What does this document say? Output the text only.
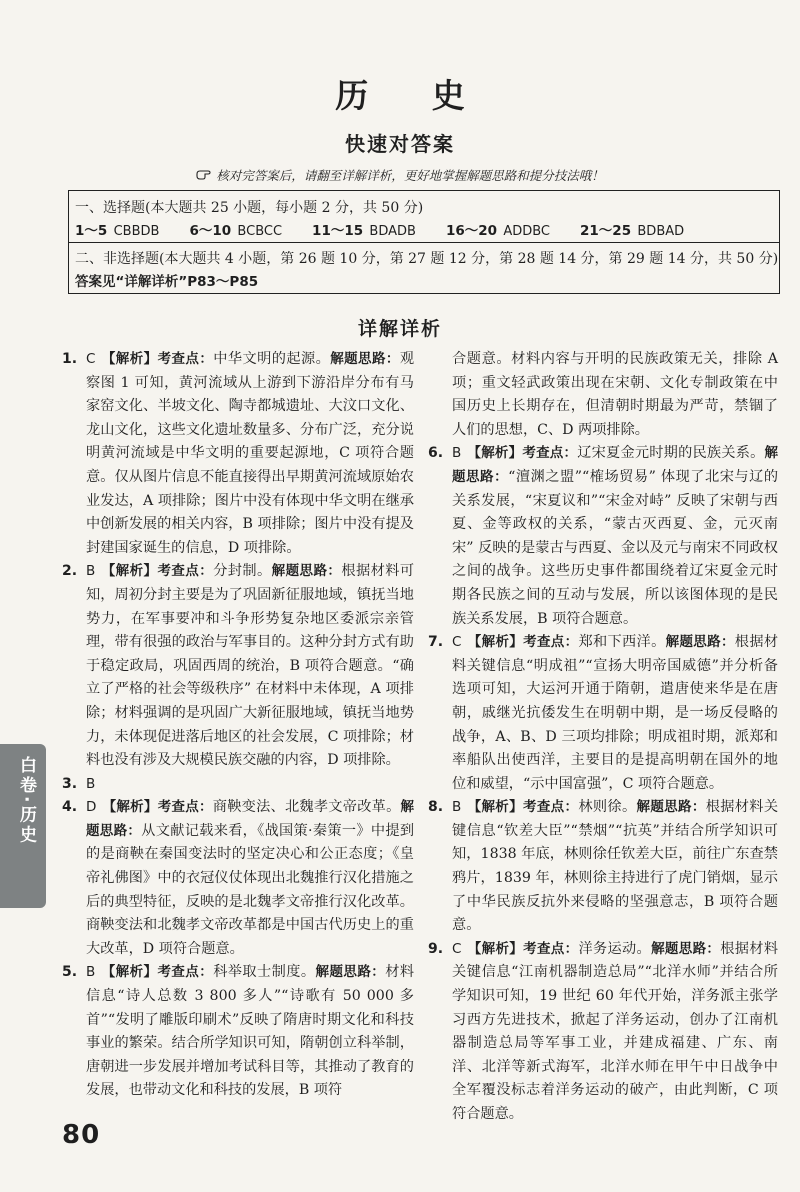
历 史
快速对答案
核对完答案后，请翻至详解详析，更好地掌握解题思路和提分技法哦！
一、选择题(本大题共 25 小题，每小题 2 分，共 50 分)
1～5 CBBDB 6～10 BCBCC 11～15 BDADB 16～20 ADDBC 21～25 BDBAD
二、非选择题(本大题共 4 小题，第 26 题 10 分，第 27 题 12 分，第 28 题 14 分，第 29 题 14 分，共 50 分)
答案见“详解详析”P83～P85
详解详析
1. C 【解析】考查点：中华文明的起源。解题思路：观察图 1 可知，黄河流域从上游到下游沿岸分布有马家窑文化、半坡文化、陶寺都城遗址、大汶口文化、龙山文化，这些文化遗址数量多、分布广泛，充分说明黄河流域是中华文明的重要起源地，C 项符合题意。仅从图片信息不能直接得出早期黄河流域原始农业发达，A 项排除；图片中没有体现中华文明在继承中创新发展的相关内容，B 项排除；图片中没有提及封建国家诞生的信息，D 项排除。
2. B 【解析】考查点：分封制。解题思路：根据材料可知，周初分封主要是为了巩固新征服地域，镇抚当地势力，在军事要冲和斗争形势复杂地区委派宗亲管理，带有很强的政治与军事目的。这种分封方式有助于稳定政局，巩固西周的统治，B 项符合题意。“确立了严格的社会等级秩序” 在材料中未体现，A 项排除；材料强调的是巩固广大新征服地域，镇抚当地势力，未体现促进落后地区的社会发展，C 项排除；材料也没有涉及大规模民族交融的内容，D 项排除。
3. B
4. D 【解析】考查点：商鞅变法、北魏孝文帝改革。解题思路：从文献记载来看，《战国策·秦策一》中提到的是商鞅在秦国变法时的坚定决心和公正态度；《皇帝礼佛图》中的衣冠仪仗体现出北魏推行汉化措施之后的典型特征，反映的是北魏孝文帝推行汉化改革。商鞅变法和北魏孝文帝改革都是中国古代历史上的重大改革，D 项符合题意。
5. B 【解析】考查点：科举取士制度。解题思路：材料信息“诗人总数 3 800 多人”“诗歌有 50 000 多首”“发明了雕版印刷术”反映了隋唐时期文化和科技事业的繁荣。结合所学知识可知，隋朝创立科举制，唐朝进一步发展并增加考试科目等，其推动了教育的发展，也带动文化和科技的发展，B 项符
合题意。材料内容与开明的民族政策无关，排除 A 项；重文轻武政策出现在宋朝、文化专制政策在中国历史上长期存在，但清朝时期最为严苛，禁锢了人们的思想，C、D 两项排除。
6. B 【解析】考查点：辽宋夏金元时期的民族关系。解题思路：“澶渊之盟”“榷场贸易” 体现了北宋与辽的关系发展，“宋夏议和”“宋金对峙” 反映了宋朝与西夏、金等政权的关系，“蒙古灭西夏、金，元灭南宋” 反映的是蒙古与西夏、金以及元与南宋不同政权之间的战争。这些历史事件都围绕着辽宋夏金元时期各民族之间的互动与发展，所以该图体现的是民族关系发展，B 项符合题意。
7. C 【解析】考查点：郑和下西洋。解题思路：根据材料关键信息“明成祖”“宣扬大明帝国威德”并分析备选项可知，大运河开通于隋朝，遣唐使来华是在唐朝，戚继光抗倭发生在明朝中期，是一场反侵略的战争，A、B、D 三项均排除；明成祖时期，派郑和率船队出使西洋，主要目的是提高明朝在国外的地位和威望，“示中国富强”，C 项符合题意。
8. B 【解析】考查点：林则徐。解题思路：根据材料关键信息“钦差大臣”“禁烟”“抗英”并结合所学知识可知，1838 年底，林则徐任钦差大臣，前往广东查禁鸦片，1839 年，林则徐主持进行了虎门销烟，显示了中华民族反抗外来侵略的坚强意志，B 项符合题意。
9. C 【解析】考查点：洋务运动。解题思路：根据材料关键信息“江南机器制造总局”“北洋水师”并结合所学知识可知，19 世纪 60 年代开始，洋务派主张学习西方先进技术，掀起了洋务运动，创办了江南机器制造总局等军事工业，并建成福建、广东、南洋、北洋等新式海军，北洋水师在甲午中日战争中全军覆没标志着洋务运动的破产，由此判断，C 项符合题意。
白卷·历史
80
